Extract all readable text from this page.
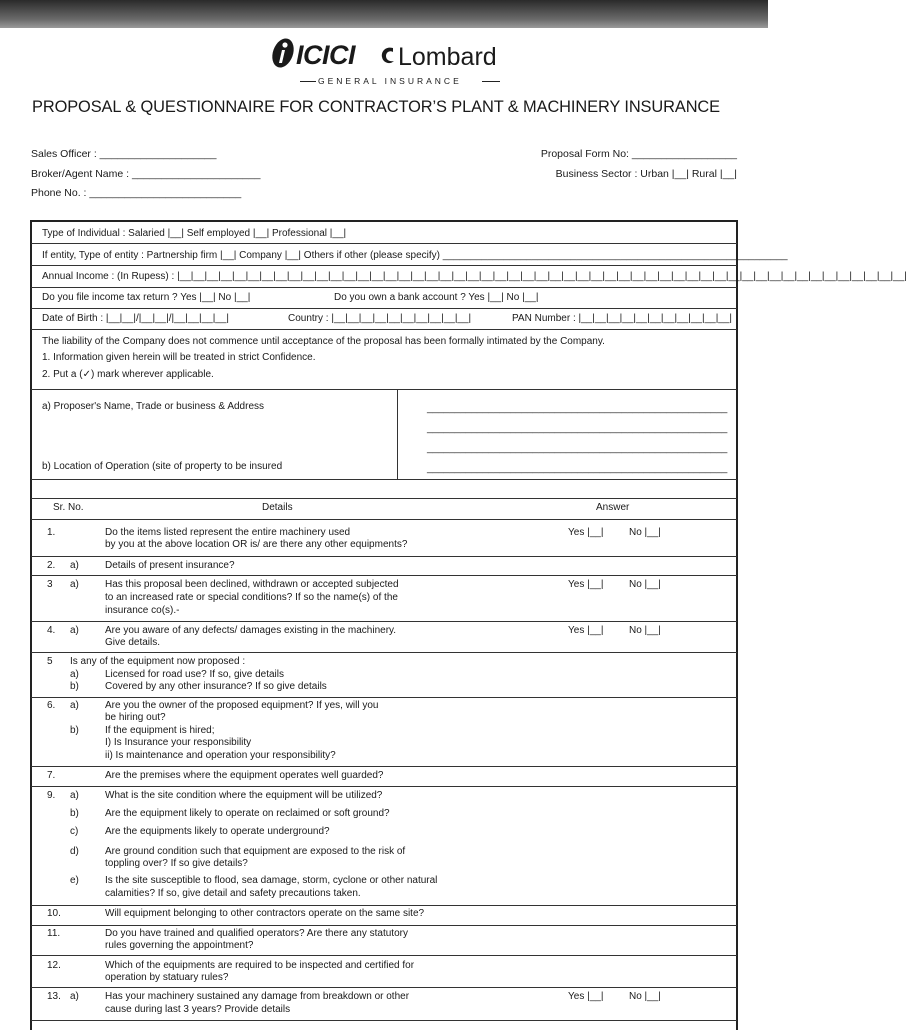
ICICI Lombard
GENERAL INSURANCE
PROPOSAL & QUESTIONNAIRE FOR CONTRACTOR’S PLANT & MACHINERY INSURANCE
Sales Officer : ____________________
Broker/Agent Name : ______________________
Phone No. : __________________________
Proposal Form No: __________________
Business Sector : Urban |__| Rural |__|
Type of Individual : Salaried |__| Self employed |__| Professional |__|
If entity, Type of entity : Partnership firm |__| Company |__| Others if other (please specify) ______________________________________________________________
Annual Income : (In Rupess) : |__|__|__|__|__|__|__|__|__|__|__|__|__|__|__|__|__|__|__|__|__|__|__|__|__|__|__|__|__|__|__|__|__|__|__|__|__|__|__|__|__|__|__|__|__|__|__|__|__|__|__|__|__|
Do you file income tax return ? Yes |__| No |__|	Do you own a bank account ? Yes |__| No |__|
Date of Birth : |__|__|/|__|__|/|__|__|__|__|	Country : |__|__|__|__|__|__|__|__|__|__|	PAN Number : |__|__|__|__|__|__|__|__|__|__|__|
The liability of the Company does not commence until acceptance of the proposal has been formally intimated by the Company.
1. Information given herein will be treated in strict Confidence.
2. Put a (✓) mark wherever applicable.
a) Proposer's Name, Trade or business & Address
b) Location of Operation (site of property to be insured
______________________________________________________
______________________________________________________
______________________________________________________
______________________________________________________
Sr. No.	Details	Answer
1.	Do the items listed represent the entire machinery used
by you at the above location OR is/ are there any other equipments?
Yes |__|	No |__|
2. a)	Details of present insurance?
3 a)	Has this proposal been declined, withdrawn or accepted subjected
to an increased rate or special conditions? If so the name(s) of the
insurance co(s).-
Yes |__|	No |__|
4. a)	Are you aware of any defects/ damages existing in the machinery.
Give details.
Yes |__|	No |__|
5 Is any of the equipment now proposed :
a)	Licensed for road use? If so, give details
b)	Covered by any other insurance? If so give details
6. a)	Are you the owner of the proposed equipment? If yes, will you
be hiring out?
b)	If the equipment is hired;
I) Is Insurance your responsibility
ii) Is maintenance and operation your responsibility?
7.	Are the premises where the equipment operates well guarded?
9. a)	What is the site condition where the equipment will be utilized?
b)	Are the equipment likely to operate on reclaimed or soft ground?
c)	Are the equipments likely to operate underground?
d)	Are ground condition such that equipment are exposed to the risk of
toppling over? If so give details?
e)	Is the site susceptible to flood, sea damage, storm, cyclone or other natural
calamities? If so, give detail and safety precautions taken.
10.	Will equipment belonging to other contractors operate on the same site?
11.	Do you have trained and qualified operators? Are there any statutory
rules governing the appointment?
12.	Which of the equipments are required to be inspected and certified for
operation by statuary rules?
13. a)	Has your machinery sustained any damage from breakdown or other
cause during last 3 years? Provide details
Yes |__|	No |__|
